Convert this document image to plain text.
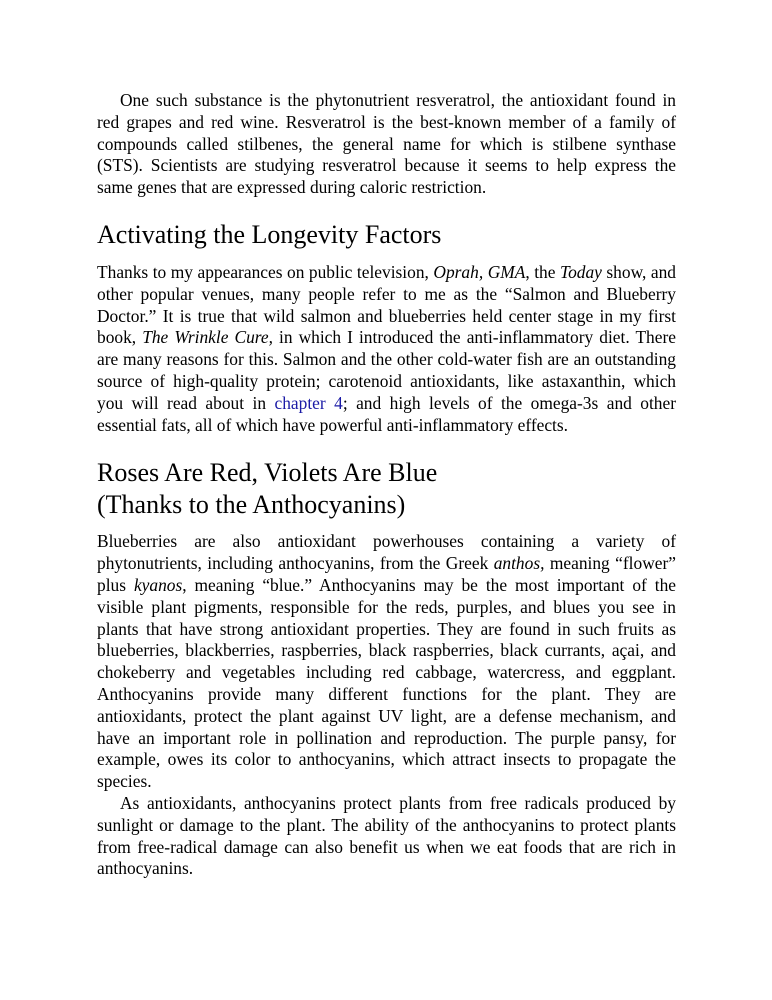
One such substance is the phytonutrient resveratrol, the antioxidant found in red grapes and red wine. Resveratrol is the best-known member of a family of compounds called stilbenes, the general name for which is stilbene synthase (STS). Scientists are studying resveratrol because it seems to help express the same genes that are expressed during caloric restriction.

Activating the Longevity Factors

Thanks to my appearances on public television, Oprah, GMA, the Today show, and other popular venues, many people refer to me as the “Salmon and Blueberry Doctor.” It is true that wild salmon and blueberries held center stage in my first book, The Wrinkle Cure, in which I introduced the anti-inflammatory diet. There are many reasons for this. Salmon and the other cold-water fish are an outstanding source of high-quality protein; carotenoid antioxidants, like astaxanthin, which you will read about in chapter 4; and high levels of the omega-3s and other essential fats, all of which have powerful anti-inflammatory effects.

Roses Are Red, Violets Are Blue
(Thanks to the Anthocyanins)

Blueberries are also antioxidant powerhouses containing a variety of phytonutrients, including anthocyanins, from the Greek anthos, meaning “flower” plus kyanos, meaning “blue.” Anthocyanins may be the most important of the visible plant pigments, responsible for the reds, purples, and blues you see in plants that have strong antioxidant properties. They are found in such fruits as blueberries, blackberries, raspberries, black raspberries, black currants, açai, and chokeberry and vegetables including red cabbage, watercress, and eggplant. Anthocyanins provide many different functions for the plant. They are antioxidants, protect the plant against UV light, are a defense mechanism, and have an important role in pollination and reproduction. The purple pansy, for example, owes its color to anthocyanins, which attract insects to propagate the species.

As antioxidants, anthocyanins protect plants from free radicals produced by sunlight or damage to the plant. The ability of the anthocyanins to protect plants from free-radical damage can also benefit us when we eat foods that are rich in anthocyanins.
